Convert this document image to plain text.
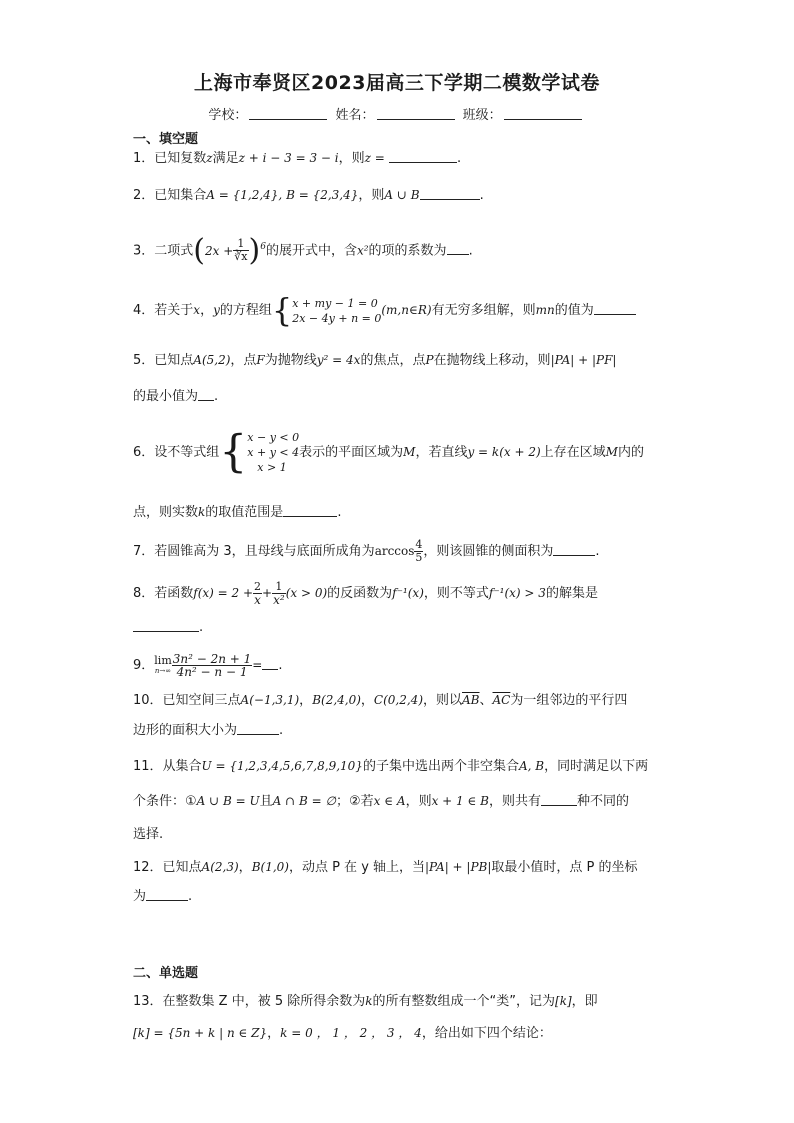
上海市奉贤区2023届高三下学期二模数学试卷
学校：	姓名：	班级：
一、填空题
1．已知复数z满足z + i − 3 = 3 − i，则z =	.
2．已知集合A = {1,2,4}, B = {2,3,4}，则A ∪ B	.
3．二项式$(2x + \frac{1}{∛x} )^6$的展开式中，含x²的项的系数为 .
4．若关于x，y的方程组{ x + my − 1 = 0
2x − 4y + n = 0
(m,n∈R)有无穷多组解，则mn的值为
5．已知点A(5,2)，点F为抛物线y² = 4x的焦点，点P在抛物线上移动，则|PA| + |PF|
的最小值为 .
6．设不等式组{ x − y < 0
x + y < 4
x > 1
表示的平面区域为M，若直线y = k(x + 2)上存在区域M内的
点，则实数k的取值范围是	.
7．若圆锥高为 3，且母线与底面所成角为$\arccos \frac{4}{5}$ ，则该圆锥的侧面积为	.
8．若函数$f(x) = 2 + \frac{2}{x} + \frac{1}{\text{x²}} (x > 0)$的反函数为f⁻¹(x)，则不等式f⁻¹(x) > 3的解集是
.
9． lim
$n\to\infty \frac{\text{3n² − 2n + 1}}{\text{4n² − n − 1}}$ = .
10．已知空间三点A(−1,3,1)，B(2,4,0)，C(0,2,4)，则以$\overline{AB}$、$\overline{AC}$为一组邻边的平行四
边形的面积大小为	.
11．从集合U = {1,2,3,4,5,6,7,8,9,10}的子集中选出两个非空集合A, B，同时满足以下两
个条件：①A ∪ B = U且A ∩ B = ∅；②若x ∈ A，则x + 1 ∈ B，则共有	种不同的
选择.
12．已知点A(2,3)，B(1,0)，动点 P 在 y 轴上，当|PA| + |PB|取最小值时，点 P 的坐标
为	.
二、单选题
13．在整数集 Z 中，被 5 除所得余数为k的所有整数组成一个“类”，记为[k]，即
[k] = {5n + k | n ∈ Z}，k = 0 ， 1 ， 2 ， 3 ， 4，给出如下四个结论：
